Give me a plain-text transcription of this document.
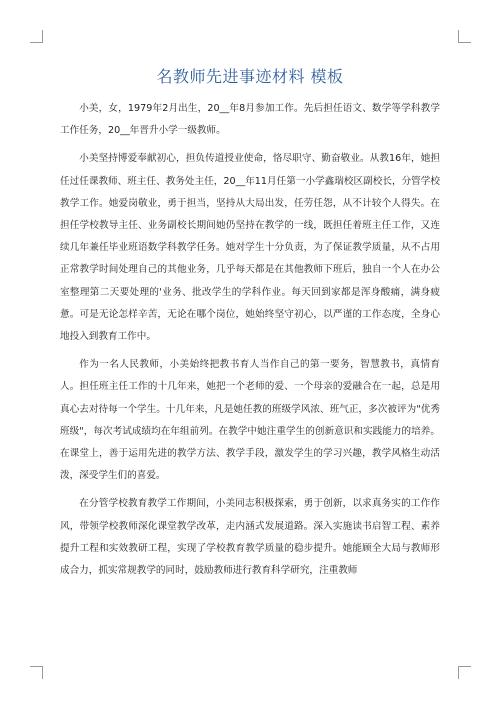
名教师先进事迹材料 模板

小美，女，1979年2月出生，20__年8月参加工作。先后担任语文、数学等学科教学工作任务，20__年晋升小学一级教师。

小美坚持博爱奉献初心，担负传道授业使命，恪尽职守、勤奋敬业。从教16年，她担任过任课教师、班主任、教务处主任，20__年11月任第一小学鑫瑞校区副校长，分管学校教学工作。她爱岗敬业，勇于担当，坚持从大局出发，任劳任怨，从不计较个人得失。在担任学校教导主任、业务副校长期间她仍坚持在教学的一线，既担任着班主任工作，又连续几年兼任毕业班语数学科教学任务。她对学生十分负责，为了保证教学质量，从不占用正常教学时间处理自己的其他业务，几乎每天都是在其他教师下班后，独自一个人在办公室整理第二天要处理的'业务、批改学生的学科作业。每天回到家都是浑身酸痛，满身疲惫。可是无论怎样辛苦，无论在哪个岗位，她始终坚守初心，以严谨的工作态度，全身心地投入到教育工作中。

作为一名人民教师，小美始终把教书育人当作自己的第一要务，智慧教书，真情育人。担任班主任工作的十几年来，她把一个老师的爱、一个母亲的爱融合在一起，总是用真心去对待每一个学生。十几年来，凡是她任教的班级学风浓、班气正，多次被评为"优秀班级"，每次考试成绩均在年组前列。在教学中她注重学生的创新意识和实践能力的培养。在课堂上，善于运用先进的教学方法、教学手段，激发学生的学习兴趣，教学风格生动活泼，深受学生们的喜爱。

在分管学校教育教学工作期间，小美同志积极探索，勇于创新，以求真务实的工作作风，带领学校教师深化课堂教学改革，走内涵式发展道路。深入实施读书启智工程、素养提升工程和实效教研工程，实现了学校教育教学质量的稳步提升。她能顾全大局与教师形成合力，抓实常规教学的同时，鼓励教师进行教育科学研究，注重教师
